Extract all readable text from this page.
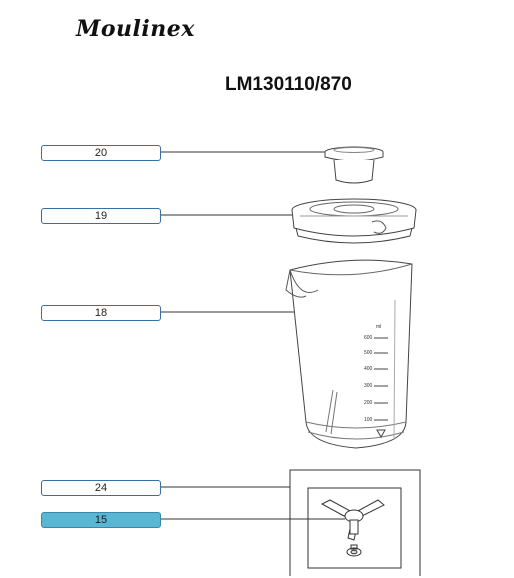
Moulinex
LM130110/870
ml
600
500
400
300
200
100
20
19
18
24
15
